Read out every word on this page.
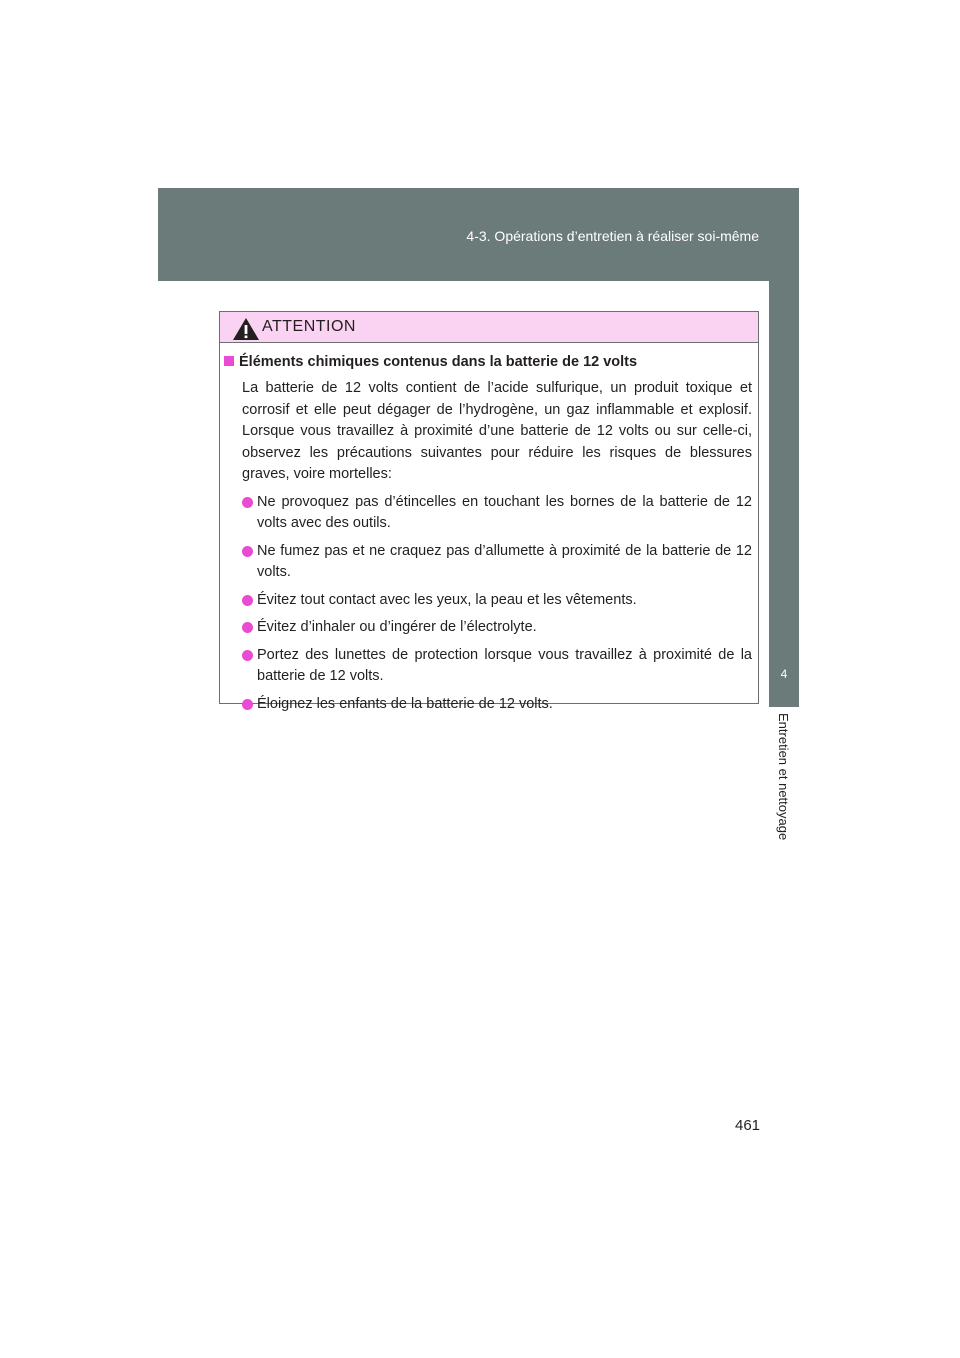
4-3. Opérations d’entretien à réaliser soi-même
4
Entretien et nettoyage
ATTENTION
Éléments chimiques contenus dans la batterie de 12 volts

La batterie de 12 volts contient de l’acide sulfurique, un produit toxique et corrosif et elle peut dégager de l’hydrogène, un gaz inflammable et explosif. Lorsque vous travaillez à proximité d’une batterie de 12 volts ou sur celle-ci, observez les précautions suivantes pour réduire les risques de blessures graves, voire mortelles:

Ne provoquez pas d’étincelles en touchant les bornes de la batterie de 12 volts avec des outils.
Ne fumez pas et ne craquez pas d’allumette à proximité de la batterie de 12 volts.
Évitez tout contact avec les yeux, la peau et les vêtements.
Évitez d’inhaler ou d’ingérer de l’électrolyte.
Portez des lunettes de protection lorsque vous travaillez à proximité de la batterie de 12 volts.
Éloignez les enfants de la batterie de 12 volts.
461
